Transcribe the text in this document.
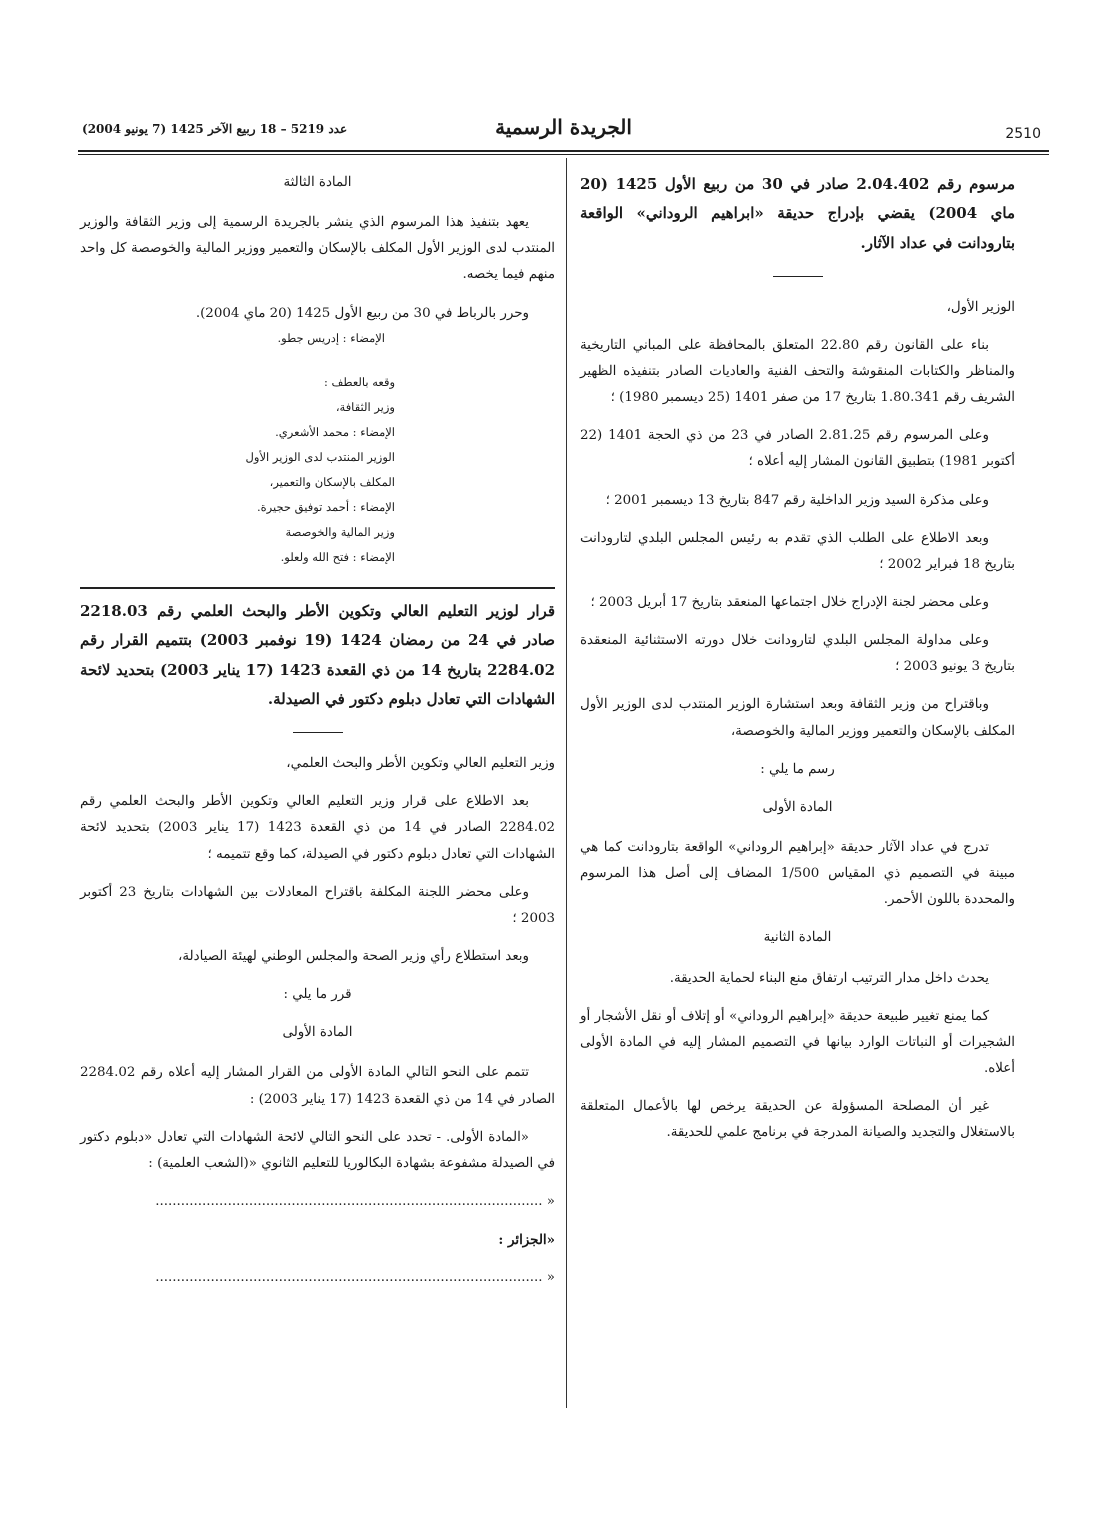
2510
الجريدة الرسمية
عدد 5219 – 18 ربيع الآخر 1425 (7 يونيو 2004)

مرسوم رقم 2.04.402 صادر في 30 من ربيع الأول 1425 (20 ماي 2004) يقضي بإدراج حديقة «ابراهيم الروداني» الواقعة بتارودانت في عداد الآثار.

الوزير الأول،

بناء على القانون رقم 22.80 المتعلق بالمحافظة على المباني التاريخية والمناظر والكتابات المنقوشة والتحف الفنية والعاديات الصادر بتنفيذه الظهير الشريف رقم 1.80.341 بتاريخ 17 من صفر 1401 (25 ديسمبر 1980) ؛

وعلى المرسوم رقم 2.81.25 الصادر في 23 من ذي الحجة 1401 (22 أكتوبر 1981) بتطبيق القانون المشار إليه أعلاه ؛

وعلى مذكرة السيد وزير الداخلية رقم 847 بتاريخ 13 ديسمبر 2001 ؛

وبعد الاطلاع على الطلب الذي تقدم به رئيس المجلس البلدي لتارودانت بتاريخ 18 فبراير 2002 ؛

وعلى محضر لجنة الإدراج خلال اجتماعها المنعقد بتاريخ 17 أبريل 2003 ؛

وعلى مداولة المجلس البلدي لتارودانت خلال دورته الاستثنائية المنعقدة بتاريخ 3 يونيو 2003 ؛

وباقتراح من وزير الثقافة وبعد استشارة الوزير المنتدب لدى الوزير الأول المكلف بالإسكان والتعمير ووزير المالية والخوصصة،

رسم ما يلي :

المادة الأولى

تدرج في عداد الآثار حديقة «إبراهيم الروداني» الواقعة بتارودانت كما هي مبينة في التصميم ذي المقياس 1/500 المضاف إلى أصل هذا المرسوم والمحددة باللون الأحمر.

المادة الثانية

يحدث داخل مدار الترتيب ارتفاق منع البناء لحماية الحديقة.

كما يمنع تغيير طبيعة حديقة «إبراهيم الروداني» أو إتلاف أو نقل الأشجار أو الشجيرات أو النباتات الوارد بيانها في التصميم المشار إليه في المادة الأولى أعلاه.

غير أن المصلحة المسؤولة عن الحديقة يرخص لها بالأعمال المتعلقة بالاستغلال والتجديد والصيانة المدرجة في برنامج علمي للحديقة.

المادة الثالثة

يعهد بتنفيذ هذا المرسوم الذي ينشر بالجريدة الرسمية إلى وزير الثقافة والوزير المنتدب لدى الوزير الأول المكلف بالإسكان والتعمير ووزير المالية والخوصصة كل واحد منهم فيما يخصه.

وحرر بالرباط في 30 من ربيع الأول 1425 (20 ماي 2004).

الإمضاء : إدريس جطو.

وقعه بالعطف :
وزير الثقافة،
الإمضاء : محمد الأشعري.
الوزير المنتدب لدى الوزير الأول
المكلف بالإسكان والتعمير،
الإمضاء : أحمد توفيق حجيرة.
وزير المالية والخوصصة
الإمضاء : فتح الله ولعلو.

قرار لوزير التعليم العالي وتكوين الأطر والبحث العلمي رقم 2218.03 صادر في 24 من رمضان 1424 (19 نوفمبر 2003) بتتميم القرار رقم 2284.02 بتاريخ 14 من ذي القعدة 1423 (17 يناير 2003) بتحديد لائحة الشهادات التي تعادل دبلوم دكتور في الصيدلة.

وزير التعليم العالي وتكوين الأطر والبحث العلمي،

بعد الاطلاع على قرار وزير التعليم العالي وتكوين الأطر والبحث العلمي رقم 2284.02 الصادر في 14 من ذي القعدة 1423 (17 يناير 2003) بتحديد لائحة الشهادات التي تعادل دبلوم دكتور في الصيدلة، كما وقع تتميمه ؛

وعلى محضر اللجنة المكلفة باقتراح المعادلات بين الشهادات بتاريخ 23 أكتوبر 2003 ؛

وبعد استطلاع رأي وزير الصحة والمجلس الوطني لهيئة الصيادلة،

قرر ما يلي :

المادة الأولى

تتمم على النحو التالي المادة الأولى من القرار المشار إليه أعلاه رقم 2284.02 الصادر في 14 من ذي القعدة 1423 (17 يناير 2003) :

«المادة الأولى. - تحدد على النحو التالي لائحة الشهادات التي تعادل «دبلوم دكتور في الصيدلة مشفوعة بشهادة البكالوريا للتعليم الثانوي «(الشعب العلمية) :

« ...........................................................................................

«الجزائر :

« ...........................................................................................
